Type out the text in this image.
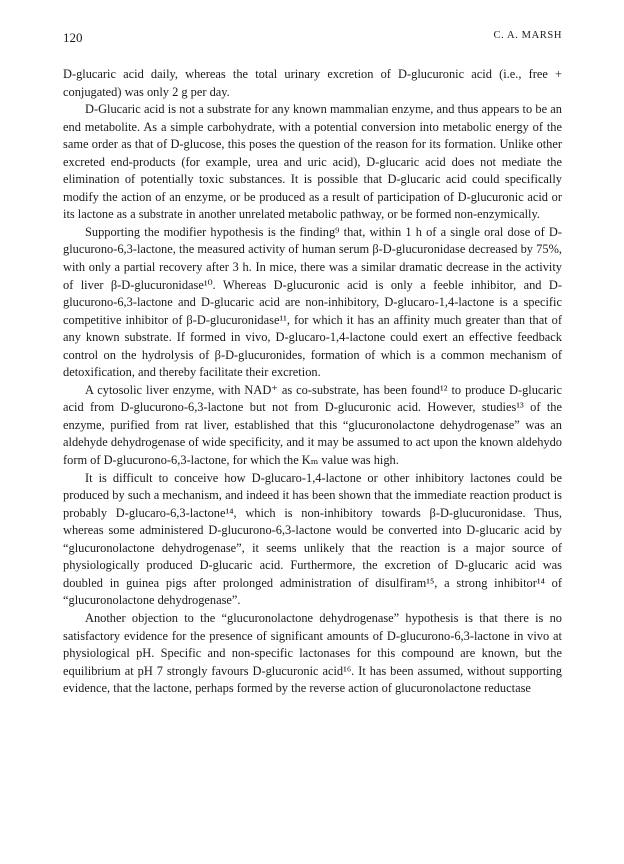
120	C. A. MARSH

D-glucaric acid daily, whereas the total urinary excretion of D-glucuronic acid (i.e., free + conjugated) was only 2 g per day.

D-Glucaric acid is not a substrate for any known mammalian enzyme, and thus appears to be an end metabolite. As a simple carbohydrate, with a potential conversion into metabolic energy of the same order as that of D-glucose, this poses the question of the reason for its formation. Unlike other excreted end-products (for example, urea and uric acid), D-glucaric acid does not mediate the elimination of potentially toxic substances. It is possible that D-glucaric acid could specifically modify the action of an enzyme, or be produced as a result of participation of D-glucuronic acid or its lactone as a substrate in another unrelated metabolic pathway, or be formed non-enzymically.

Supporting the modifier hypothesis is the finding⁹ that, within 1 h of a single oral dose of D-glucurono-6,3-lactone, the measured activity of human serum β-D-glucuronidase decreased by 75%, with only a partial recovery after 3 h. In mice, there was a similar dramatic decrease in the activity of liver β-D-glucuronidase¹⁰. Whereas D-glucuronic acid is only a feeble inhibitor, and D-glucurono-6,3-lactone and D-glucaric acid are non-inhibitory, D-glucaro-1,4-lactone is a specific competitive inhibitor of β-D-glucuronidase¹¹, for which it has an affinity much greater than that of any known substrate. If formed in vivo, D-glucaro-1,4-lactone could exert an effective feedback control on the hydrolysis of β-D-glucuronides, formation of which is a common mechanism of detoxification, and thereby facilitate their excretion.

A cytosolic liver enzyme, with NAD⁺ as co-substrate, has been found¹² to produce D-glucaric acid from D-glucurono-6,3-lactone but not from D-glucuronic acid. However, studies¹³ of the enzyme, purified from rat liver, established that this “glucuronolactone dehydrogenase” was an aldehyde dehydrogenase of wide specificity, and it may be assumed to act upon the known aldehydo form of D-glucurono-6,3-lactone, for which the Kₘ value was high.

It is difficult to conceive how D-glucaro-1,4-lactone or other inhibitory lactones could be produced by such a mechanism, and indeed it has been shown that the immediate reaction product is probably D-glucaro-6,3-lactone¹⁴, which is non-inhibitory towards β-D-glucuronidase. Thus, whereas some administered D-glucurono-6,3-lactone would be converted into D-glucaric acid by “glucuronolactone dehydrogenase”, it seems unlikely that the reaction is a major source of physiologically produced D-glucaric acid. Furthermore, the excretion of D-glucaric acid was doubled in guinea pigs after prolonged administration of disulfiram¹⁵, a strong inhibitor¹⁴ of “glucuronolactone dehydrogenase”.

Another objection to the “glucuronolactone dehydrogenase” hypothesis is that there is no satisfactory evidence for the presence of significant amounts of D-glucurono-6,3-lactone in vivo at physiological pH. Specific and non-specific lactonases for this compound are known, but the equilibrium at pH 7 strongly favours D-glucuronic acid¹⁶. It has been assumed, without supporting evidence, that the lactone, perhaps formed by the reverse action of glucuronolactone reductase
